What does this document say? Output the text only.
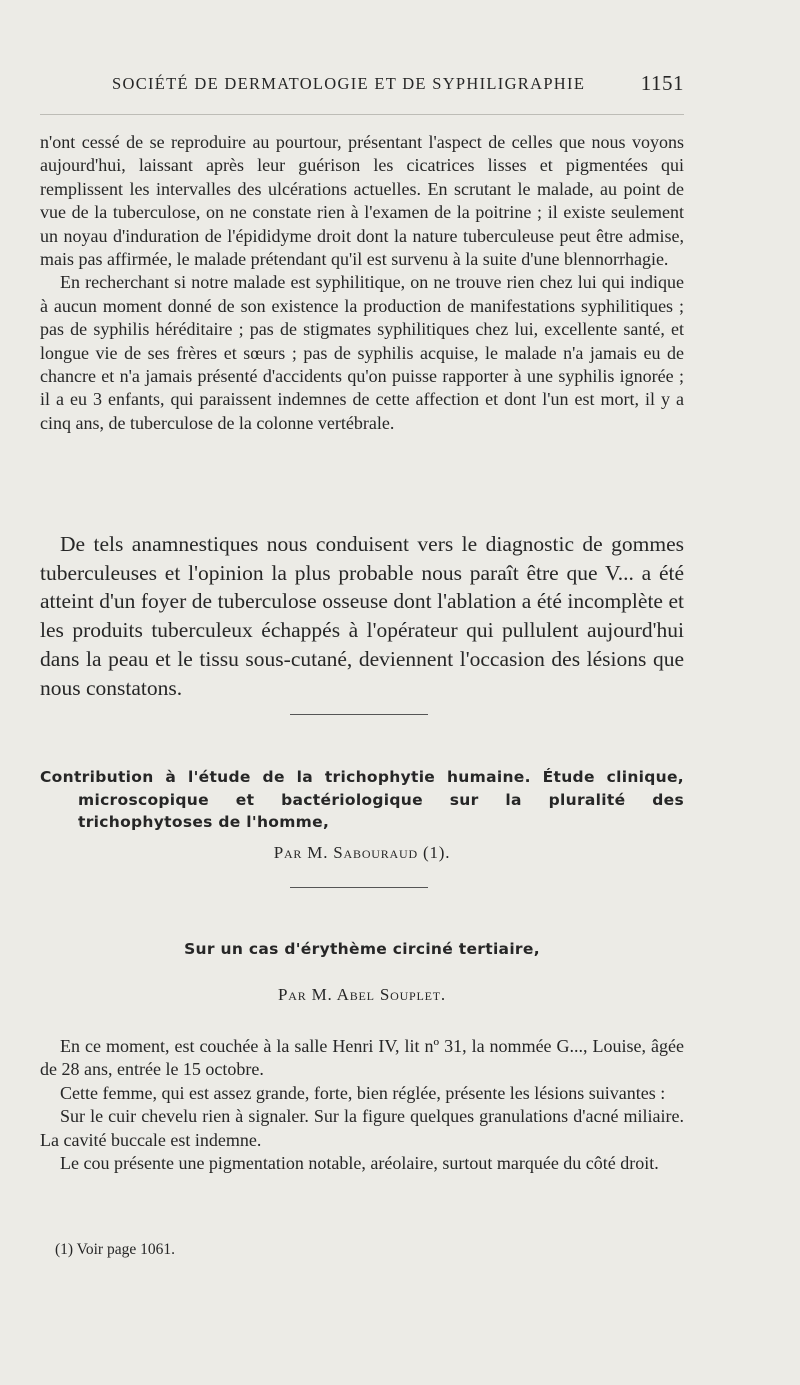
SOCIÉTÉ DE DERMATOLOGIE ET DE SYPHILIGRAPHIE	1151

n'ont cessé de se reproduire au pourtour, présentant l'aspect de celles que nous voyons aujourd'hui, laissant après leur guérison les cicatrices lisses et pigmentées qui remplissent les intervalles des ulcérations actuelles. En scrutant le malade, au point de vue de la tuberculose, on ne constate rien à l'examen de la poitrine ; il existe seulement un noyau d'induration de l'épididyme droit dont la nature tuberculeuse peut être admise, mais pas affirmée, le malade prétendant qu'il est survenu à la suite d'une blennorrhagie.

En recherchant si notre malade est syphilitique, on ne trouve rien chez lui qui indique à aucun moment donné de son existence la production de manifestations syphilitiques ; pas de syphilis héréditaire ; pas de stigmates syphilitiques chez lui, excellente santé, et longue vie de ses frères et sœurs ; pas de syphilis acquise, le malade n'a jamais eu de chancre et n'a jamais présenté d'accidents qu'on puisse rapporter à une syphilis ignorée ; il a eu 3 enfants, qui paraissent indemnes de cette affection et dont l'un est mort, il y a cinq ans, de tuberculose de la colonne vertébrale.

De tels anamnestiques nous conduisent vers le diagnostic de gommes tuberculeuses et l'opinion la plus probable nous paraît être que V... a été atteint d'un foyer de tuberculose osseuse dont l'ablation a été incomplète et les produits tuberculeux échappés à l'opérateur qui pullulent aujourd'hui dans la peau et le tissu sous-cutané, deviennent l'occasion des lésions que nous constatons.

Contribution à l'étude de la trichophytie humaine. Étude clinique, microscopique et bactériologique sur la pluralité des trichophytoses de l'homme,
Par M. Sabouraud (1).
Sur un cas d'érythème circiné tertiaire,
Par M. Abel Souplet.

En ce moment, est couchée à la salle Henri IV, lit nº 31, la nommée G..., Louise, âgée de 28 ans, entrée le 15 octobre.

Cette femme, qui est assez grande, forte, bien réglée, présente les lésions suivantes :

Sur le cuir chevelu rien à signaler. Sur la figure quelques granulations d'acné miliaire. La cavité buccale est indemne.

Le cou présente une pigmentation notable, aréolaire, surtout marquée du côté droit.

(1) Voir page 1061.
